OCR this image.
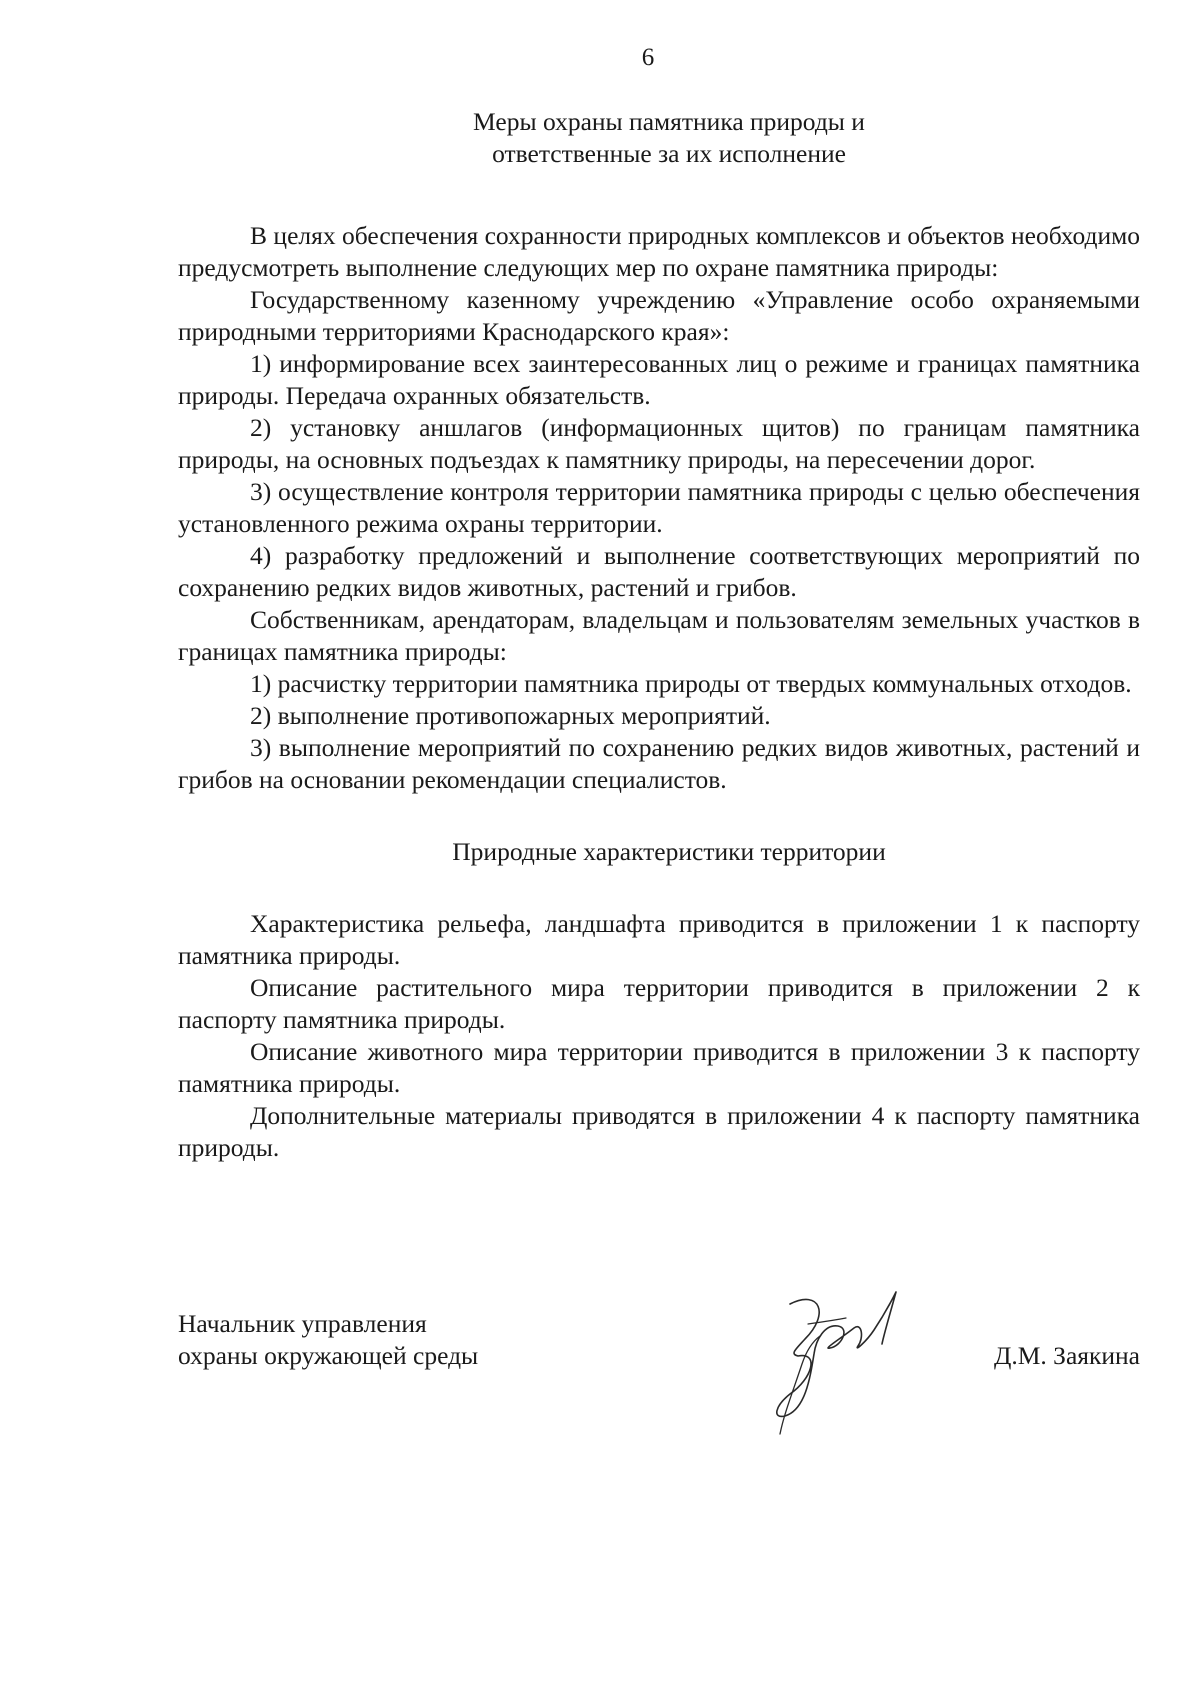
6
Меры охраны памятника природы и
ответственные за их исполнение

В целях обеспечения сохранности природных комплексов и объектов необходимо предусмотреть выполнение следующих мер по охране памятника природы:

Государственному казенному учреждению «Управление особо охраняемыми природными территориями Краснодарского края»:

1) информирование всех заинтересованных лиц о режиме и границах памятника природы. Передача охранных обязательств.

2) установку аншлагов (информационных щитов) по границам памятника природы, на основных подъездах к памятнику природы, на пересечении дорог.

3) осуществление контроля территории памятника природы с целью обеспечения установленного режима охраны территории.

4) разработку предложений и выполнение соответствующих мероприятий по сохранению редких видов животных, растений и грибов.

Собственникам, арендаторам, владельцам и пользователям земельных участков в границах памятника природы:

1) расчистку территории памятника природы от твердых коммунальных отходов.

2) выполнение противопожарных мероприятий.

3) выполнение мероприятий по сохранению редких видов животных, растений и грибов на основании рекомендации специалистов.

Природные характеристики территории

Характеристика рельефа, ландшафта приводится в приложении 1 к паспорту памятника природы.

Описание растительного мира территории приводится в приложении 2 к паспорту памятника природы.

Описание животного мира территории приводится в приложении 3 к паспорту памятника природы.

Дополнительные материалы приводятся в приложении 4 к паспорту памятника природы.

Начальник управления
охраны окружающей среды	Д.М. Заякина
